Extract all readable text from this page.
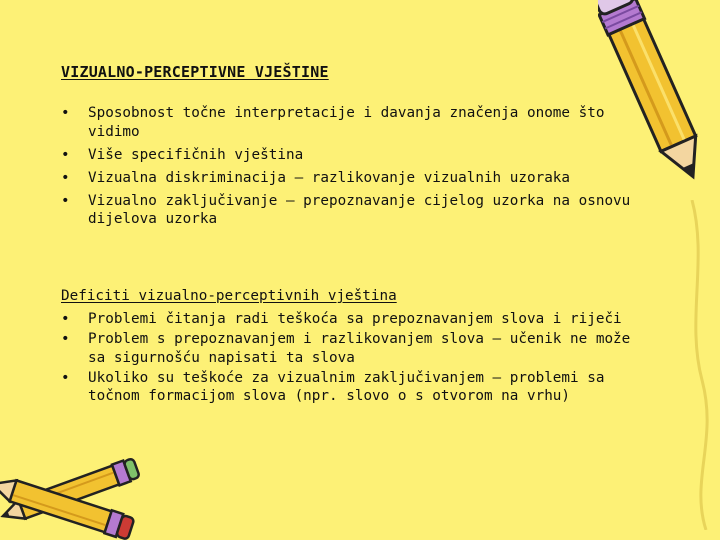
VIZUALNO-PERCEPTIVNE VJEŠTINE
•	Sposobnost točne interpretacije i davanja značenja onome što vidimo
•	Više specifičnih vještina
•	Vizualna diskriminacija – razlikovanje vizualnih uzoraka
•	Vizualno zaključivanje – prepoznavanje cijelog uzorka na osnovu dijelova uzorka
Deficiti vizualno-perceptivnih vještina
•	Problemi čitanja radi teškoća sa prepoznavanjem slova i riječi
•	Problem s prepoznavanjem i razlikovanjem slova – učenik ne može sa sigurnošću napisati ta slova
•	Ukoliko su teškoće za vizualnim zaključivanjem – problemi sa točnom formacijom slova (npr. slovo o s otvorom na vrhu)
